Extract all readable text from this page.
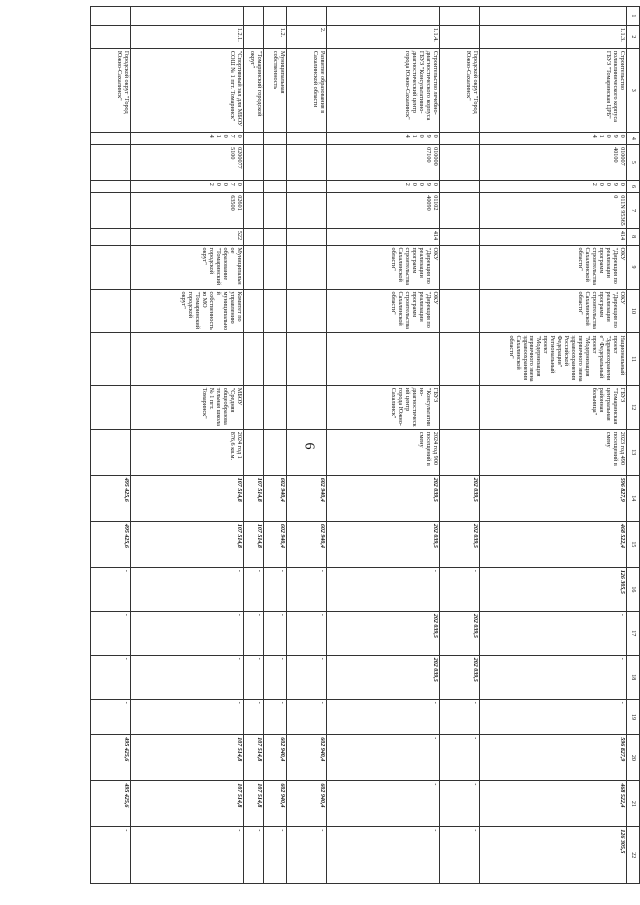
6
1	2	3	4	5	6	7	8	9	10	11	12	13	14	15	16	17	18	19	20	21	22
	1.1.3.	Строительство поликлинического корпуса ГБУЗ "Томаринская ЦРБ"	0 9 0 1 4	010007 40100	0 9 0 0 2	011N 95365 0	414	ОКУ "Дирекция по реализации программ строительства Сахалинской области"	ОКУ "Дирекция по реализации программ строительства Сахалинской области"	Национальный проект "Здравоохранение" Федеральный проект "Модернизация первичного звена здравоохранения Российской Федерации" Региональный проект "Модернизация первичного звена здравоохранения Сахалинской области"	ГБУЗ "Томаринская центральная районная больница"	2023 год 490 посещений в смену	596 827,9	468 522,4	126 305,5	-	-	-	596 827,9	468 522,4	126 305,5
		Городской округ "Город Южно-Сахалинск"											202 039,5	202 039,5	-	202 039,5	202 039,5	-	-	-	-
	1.1.4.	Строительство лечебно-диагностического корпуса ГБУЗ "Консультативно-диагностический центр города Южно-Сахалинск"	0 9 0 1 4	010000 07100	0 9 0 0 2	01102 40090	414	ОКУ "Дирекция по реализации программ строительства Сахалинской области"	ОКУ "Дирекция по реализации программ строительства Сахалинской области"		ГБУЗ "Консультативно-диагностический центр города Южно-Сахалинск"	2024 год 900 посещений в смену	202 039,5	202 039,5	-	202 039,5	202 039,5	-	-	-	-
	2.	Развитие образования в Сахалинской области											602 940,4	602 940,4	-	-	-	-	602 940,4	602 940,4	-
	1.2.	Муниципальная собственность											602 940,4	602 940,4	-	-	-	-	602 940,4	602 940,4	-
		"Томаринский городской округ"											107 514,8	107 514,8	-	-	-	-	107 514,8	107 514,8	-
	1.2.1.	"Спортивный зал для МБОУ СОШ № 1 пгт. Томаринск"	0 7 0 1 4	0200077 5100	0 7 0 0 2	02601 63500	522	Муниципальное образование "Томаринский городской округ"	Комитет по управлению муниципальной собственностью МО "Томаринский городской округ"		МБОУ "Средняя общеобразовательная школа № 1 пгт. Томаринск"	2024 год 1 876,6 кв.м.	107 514,8	107 514,8	-	-	-	-	107 514,8	107 514,8	-
		Городской округ "Город Южно-Сахалинск"											495 425,6	495 425,6	-	-	-	-	495 425,6	495 425,6	-
